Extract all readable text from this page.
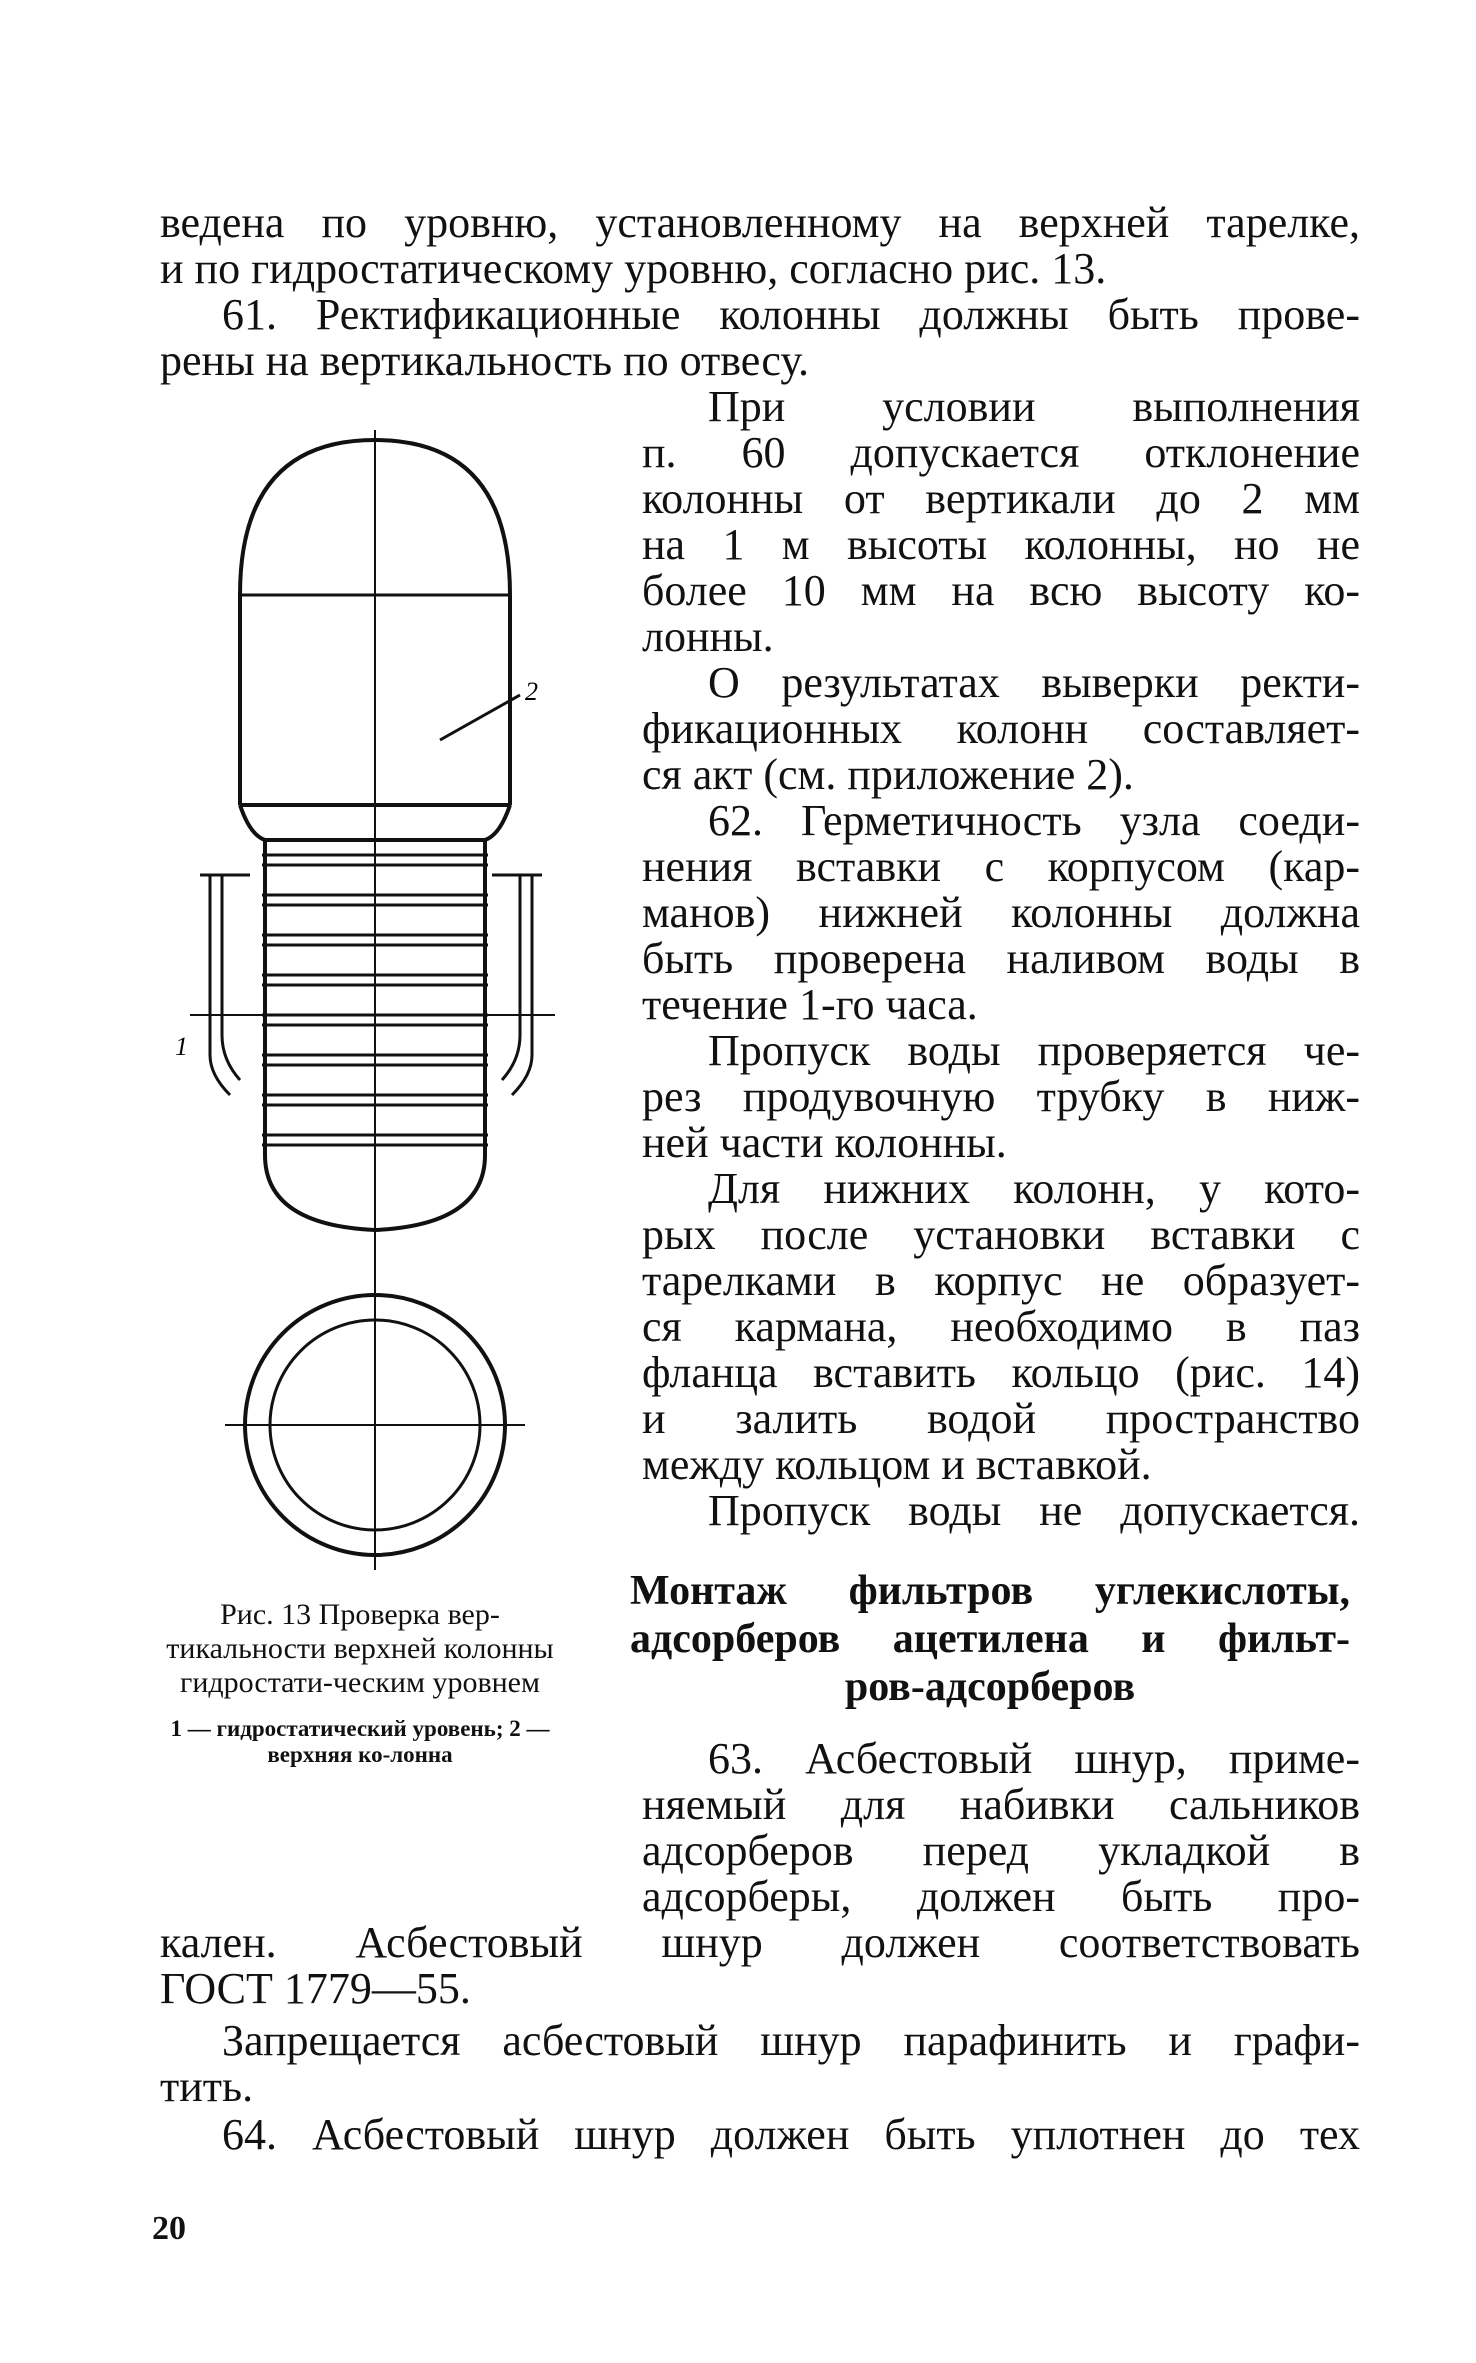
ведена по уровню, установленному на верхней тарелке,
и по гидростатическому уровню, согласно рис. 13.
61. Ректификационные колонны должны быть прове-
рены на вертикальность по отвесу.
При условии выполнения
п. 60 допускается отклонение
колонны от вертикали до 2 мм
на 1 м высоты колонны, но не
более 10 мм на всю высоту ко-
лонны.
О результатах выверки ректи-
фикационных колонн составляет-
ся акт (см. приложение 2).
62. Герметичность узла соеди-
нения вставки с корпусом (кар-
манов) нижней колонны должна
быть проверена наливом воды в
течение 1-го часа.
Пропуск воды проверяется че-
рез продувочную трубку в ниж-
ней части колонны.
Для нижних колонн, у кото-
рых после установки вставки с
тарелками в корпус не образует-
ся кармана, необходимо в паз
фланца вставить кольцо (рис. 14)
и залить водой пространство
между кольцом и вставкой.
Пропуск воды не допускается.
2
1
Рис. 13 Проверка вер-тикальности верхней колонны гидростати-ческим уровнем
1 — гидростатический уровень; 2 — верхняя ко-лонна
Монтаж фильтров углекислоты,
адсорберов ацетилена и фильт-
ров-адсорберов
63. Асбестовый шнур, приме-
няемый для набивки сальников
адсорберов перед укладкой в
адсорберы, должен быть про-
кален. Асбестовый шнур должен соответствовать
ГОСТ 1779—55.
Запрещается асбестовый шнур парафинить и графи-
тить.
64. Асбестовый шнур должен быть уплотнен до тех
20
